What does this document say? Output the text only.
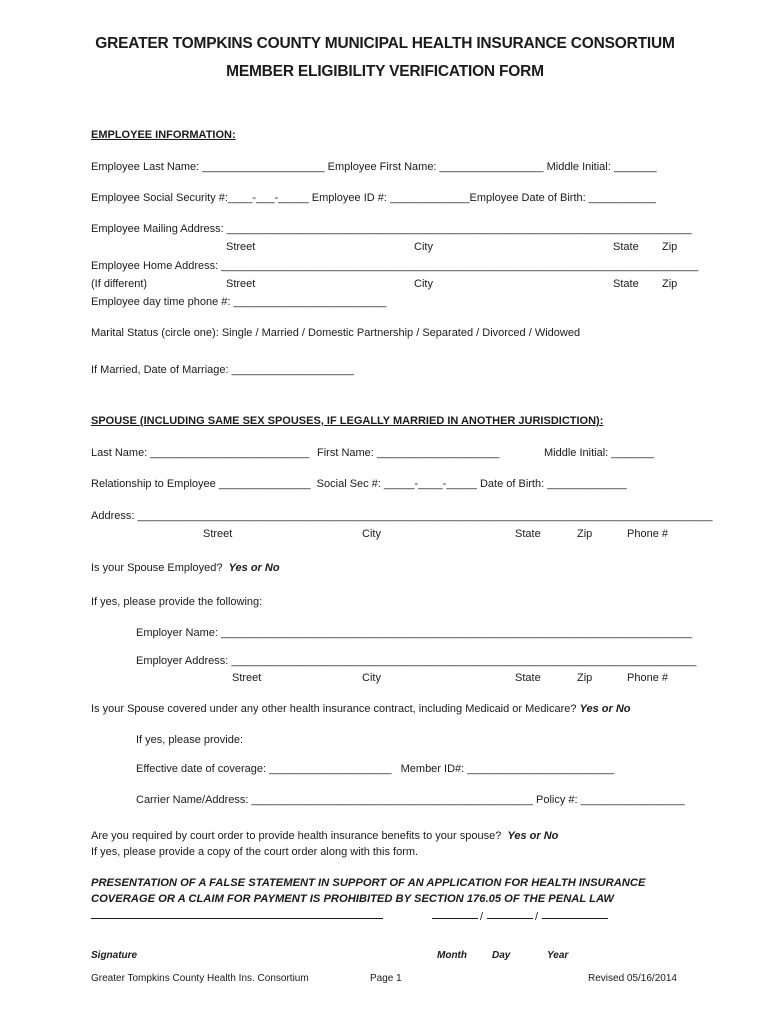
GREATER TOMPKINS COUNTY MUNICIPAL HEALTH INSURANCE CONSORTIUM
MEMBER ELIGIBILITY VERIFICATION FORM
EMPLOYEE INFORMATION:
Employee Last Name: ____________________ Employee First Name: _________________ Middle Initial: _______
Employee Social Security #:____-___-_____ Employee ID #: _____________Employee Date of Birth: ___________
Employee Mailing Address: ____________________________________________________________________________
Street	City	State Zip
Employee Home Address: ______________________________________________________________________________
(If different)	Street	City	State Zip
Employee day time phone #: _________________________
Marital Status (circle one): Single / Married / Domestic Partnership / Separated / Divorced / Widowed
If Married, Date of Marriage: ____________________
SPOUSE (INCLUDING SAME SEX SPOUSES, IF LEGALLY MARRIED IN ANOTHER JURISDICTION):
Last Name: __________________________ First Name: ____________________	Middle Initial: _______
Relationship to Employee _______________  Social Sec #: _____-____-_____ Date of Birth: _____________
Address: ______________________________________________________________________________________________
Street	City	State	Zip	Phone #
Is your Spouse Employed? Yes or No
If yes, please provide the following:
Employer Name: _____________________________________________________________________________
Employer Address: ____________________________________________________________________________
Street	City	State	Zip	Phone #
Is your Spouse covered under any other health insurance contract, including Medicaid or Medicare? Yes or No
If yes, please provide:
Effective date of coverage: ____________________   Member ID#: ________________________
Carrier Name/Address: ______________________________________________ Policy #: _________________
Are you required by court order to provide health insurance benefits to your spouse? Yes or No
If yes, please provide a copy of the court order along with this form.
PRESENTATION OF A FALSE STATEMENT IN SUPPORT OF AN APPLICATION FOR HEALTH INSURANCE
COVERAGE OR A CLAIM FOR PAYMENT IS PROHIBITED BY SECTION 176.05 OF THE PENAL LAW
/	/
Signature	Month	Day	Year
Greater Tompkins County Health Ins. Consortium	Page 1	Revised 05/16/2014
